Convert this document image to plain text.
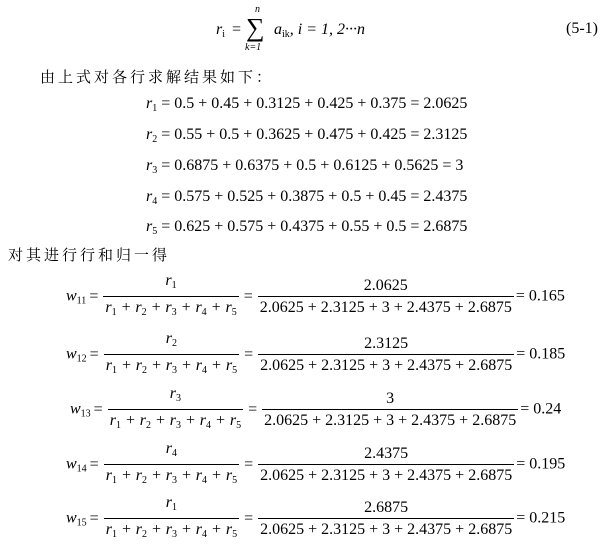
$r_i$ =
n
∑
k=1
$a_{ik}$, i = 1, 2···n	(5-1)
由上式对各行求解结果如下：
$r_1 = 0.5 + 0.45 + 0.3125 + 0.425 + 0.375 = 2.0625$
$r_2 = 0.55 + 0.5 + 0.3625 + 0.475 + 0.425 = 2.3125$
$r_3 = 0.6875 + 0.6375 + 0.5 + 0.6125 + 0.5625 = 3$
$r_4 = 0.575 + 0.525 + 0.3875 + 0.5 + 0.45 = 2.4375$
$r_5 = 0.625 + 0.575 + 0.4375 + 0.55 + 0.5 = 2.6875$
对其进行行和归一得
$w_{11} = \frac{r_1}{r_1 + r_2 + r_3 + r_4 + r_5} = \frac{2.0625}{2.0625 + 2.3125 + 3 + 2.4375 + 2.6875} = 0.165$
$w_{12} = \frac{r_2}{r_1 + r_2 + r_3 + r_4 + r_5} = \frac{2.3125}{2.0625 + 2.3125 + 3 + 2.4375 + 2.6875} = 0.185$
$w_{13} = \frac{r_3}{r_1 + r_2 + r_3 + r_4 + r_5} = \frac{3}{2.0625 + 2.3125 + 3 + 2.4375 + 2.6875} = 0.24$
$w_{14} = \frac{r_4}{r_1 + r_2 + r_3 + r_4 + r_5} = \frac{2.4375}{2.0625 + 2.3125 + 3 + 2.4375 + 2.6875} = 0.195$
$w_{15} = \frac{r_1}{r_1 + r_2 + r_3 + r_4 + r_5} = \frac{2.6875}{2.0625 + 2.3125 + 3 + 2.4375 + 2.6875} = 0.215$
